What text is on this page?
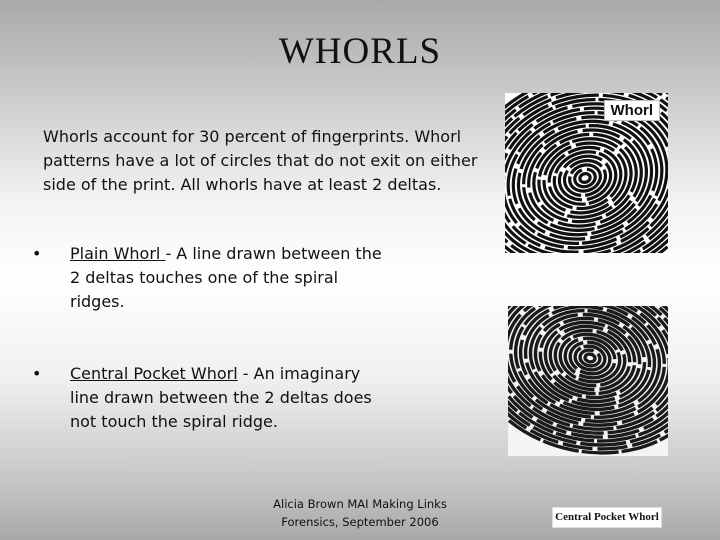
WHORLS
Whorls account for 30 percent of fingerprints. Whorl patterns have a lot of circles that do not exit on either side of the print. All whorls have at least 2 deltas.
• Plain Whorl - A line drawn between the 2 deltas touches one of the spiral ridges.
• Central Pocket Whorl - An imaginary line drawn between the 2 deltas does not touch the spiral ridge.
Whorl
Central Pocket Whorl
Alicia Brown MAI Making Links
Forensics, September 2006
